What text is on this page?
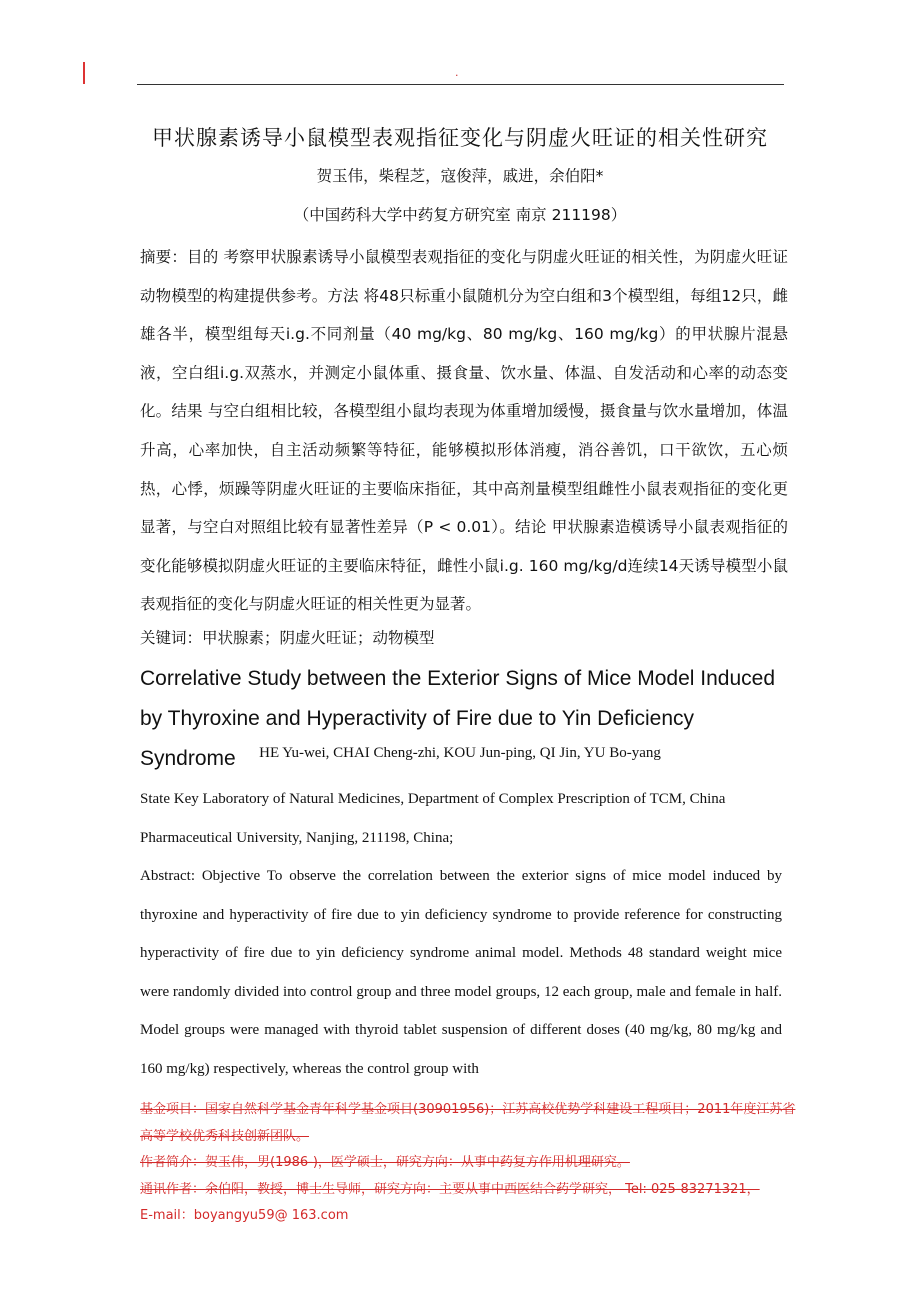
.
甲状腺素诱导小鼠模型表观指征变化与阴虚火旺证的相关性研究
贺玉伟，柴程芝，寇俊萍，戚进，余伯阳*
（中国药科大学中药复方研究室 南京 211198）
摘要：目的 考察甲状腺素诱导小鼠模型表观指征的变化与阴虚火旺证的相关性，为阴虚火旺证动物模型的构建提供参考。方法 将48只标重小鼠随机分为空白组和3个模型组，每组12只，雌雄各半，模型组每天i.g.不同剂量（40 mg/kg、80 mg/kg、160 mg/kg）的甲状腺片混悬液，空白组i.g.双蒸水，并测定小鼠体重、摄食量、饮水量、体温、自发活动和心率的动态变化。结果 与空白组相比较，各模型组小鼠均表现为体重增加缓慢，摄食量与饮水量增加，体温升高，心率加快，自主活动频繁等特征，能够模拟形体消瘦，消谷善饥，口干欲饮，五心烦热，心悸，烦躁等阴虚火旺证的主要临床指征，其中高剂量模型组雌性小鼠表观指征的变化更显著，与空白对照组比较有显著性差异（P < 0.01）。结论 甲状腺素造模诱导小鼠表观指征的变化能够模拟阴虚火旺证的主要临床特征，雌性小鼠i.g. 160 mg/kg/d连续14天诱导模型小鼠表观指征的变化与阴虚火旺证的相关性更为显著。
关键词：甲状腺素；阴虚火旺证；动物模型
Correlative Study between the Exterior Signs of Mice Model Induced by Thyroxine and Hyperactivity of Fire due to Yin Deficiency Syndrome	HE Yu-wei, CHAI Cheng-zhi, KOU Jun-ping, QI Jin, YU Bo-yang
State Key Laboratory of Natural Medicines, Department of Complex Prescription of TCM, China Pharmaceutical University, Nanjing, 211198, China;
Abstract: Objective To observe the correlation between the exterior signs of mice model induced by thyroxine and hyperactivity of fire due to yin deficiency syndrome to provide reference for constructing hyperactivity of fire due to yin deficiency syndrome animal model. Methods 48 standard weight mice were randomly divided into control group and three model groups, 12 each group, male and female in half. Model groups were managed with thyroid tablet suspension of different doses (40 mg/kg, 80 mg/kg and 160 mg/kg) respectively, whereas the control group with
基金项目：国家自然科学基金青年科学基金项目(30901956)；江苏高校优势学科建设工程项目；2011年度江苏省高等学校优秀科技创新团队。
作者简介：贺玉伟，男(1986-)，医学硕士，研究方向：从事中药复方作用机理研究。
通讯作者：余伯阳，教授，博士生导师，研究方向：主要从事中西医结合药学研究， Tel: 025-83271321，
E-mail：boyangyu59@ 163.com
